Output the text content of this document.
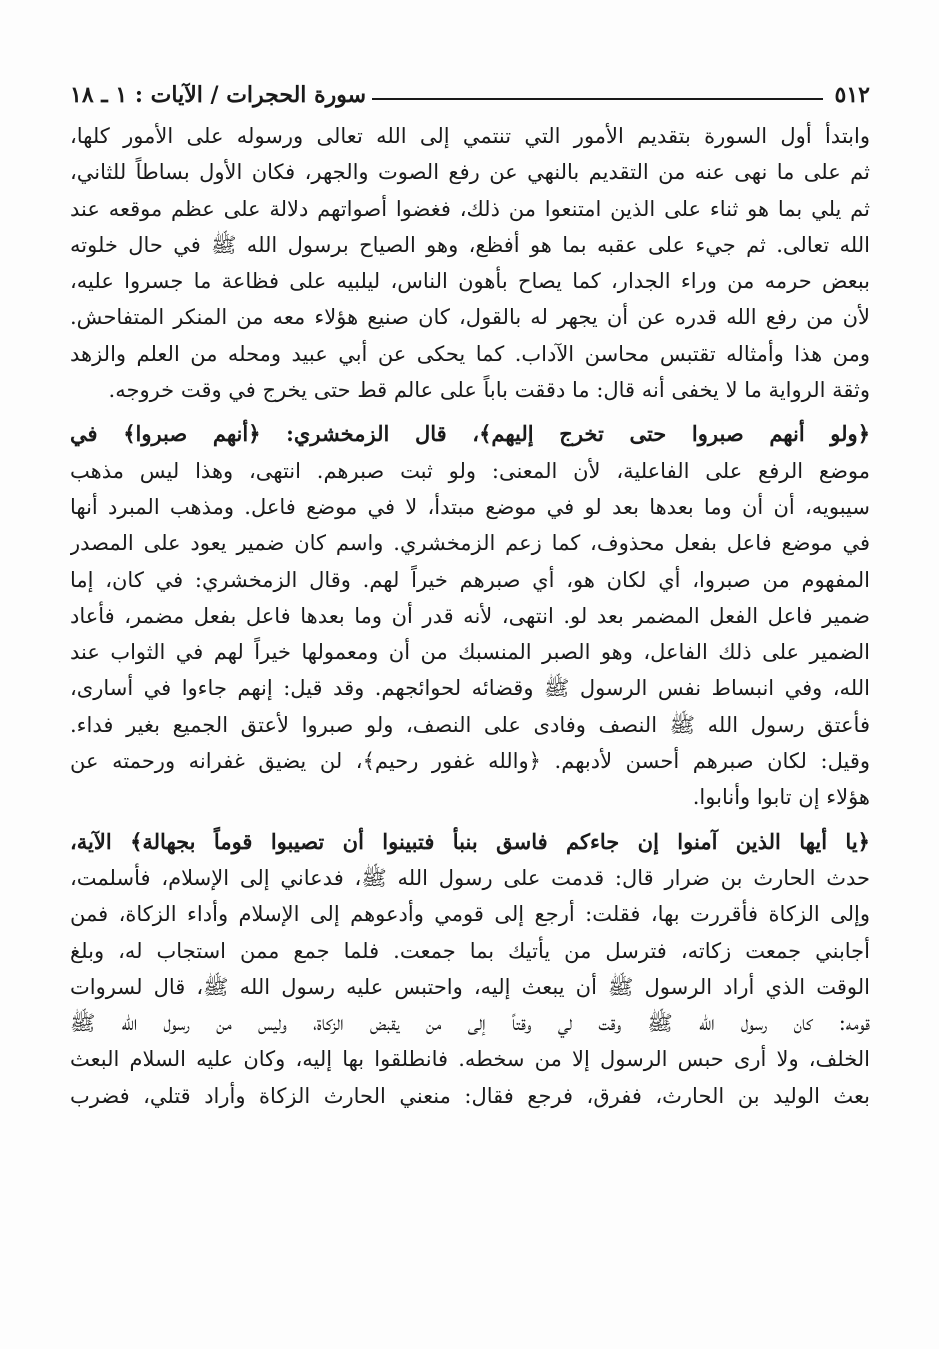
٥١٢
سورة الحجرات / الآيات : ١ ـ ١٨

وابتدأ أول السورة بتقديم الأمور التي تنتمي إلى الله تعالى ورسوله على الأمور كلها،
ثم على ما نهى عنه من التقديم بالنهي عن رفع الصوت والجهر، فكان الأول بساطاً للثاني،
ثم يلي بما هو ثناء على الذين امتنعوا من ذلك، فغضوا أصواتهم دلالة على عظم موقعه عند
الله تعالى. ثم جيء على عقبه بما هو أفظع، وهو الصياح برسول الله ﷺ في حال خلوته
ببعض حرمه من وراء الجدار، كما يصاح بأهون الناس، ليلبيه على فظاعة ما جسروا عليه،
لأن من رفع الله قدره عن أن يجهر له بالقول، كان صنيع هؤلاء معه من المنكر المتفاحش.
ومن هذا وأمثاله تقتبس محاسن الآداب. كما يحكى عن أبي عبيد ومحله من العلم والزهد
وثقة الرواية ما لا يخفى أنه قال: ما دققت باباً على عالم قط حتى يخرج في وقت خروجه.

﴿ولو أنهم صبروا حتى تخرج إليهم﴾، قال الزمخشري: ﴿أنهم صبروا﴾ في
موضع الرفع على الفاعلية، لأن المعنى: ولو ثبت صبرهم. انتهى، وهذا ليس مذهب
سيبويه، أن أن وما بعدها بعد لو في موضع مبتدأ، لا في موضع فاعل. ومذهب المبرد أنها
في موضع فاعل بفعل محذوف، كما زعم الزمخشري. واسم كان ضمير يعود على المصدر
المفهوم من صبروا، أي لكان هو، أي صبرهم خيراً لهم. وقال الزمخشري: في كان، إما
ضمير فاعل الفعل المضمر بعد لو. انتهى، لأنه قدر أن وما بعدها فاعل بفعل مضمر، فأعاد
الضمير على ذلك الفاعل، وهو الصبر المنسبك من أن ومعمولها خيراً لهم في الثواب عند
الله، وفي انبساط نفس الرسول ﷺ وقضائه لحوائجهم. وقد قيل: إنهم جاءوا في أسارى،
فأعتق رسول الله ﷺ النصف وفادى على النصف، ولو صبروا لأعتق الجميع بغير فداء.
وقيل: لكان صبرهم أحسن لأدبهم. ﴿والله غفور رحيم﴾، لن يضيق غفرانه ورحمته عن
هؤلاء إن تابوا وأنابوا.

﴿يا أيها الذين آمنوا إن جاءكم فاسق بنبأ فتبينوا أن تصيبوا قوماً بجهالة﴾ الآية،
حدث الحارث بن ضرار قال: قدمت على رسول الله ﷺ، فدعاني إلى الإسلام، فأسلمت،
وإلى الزكاة فأقررت بها، فقلت: أرجع إلى قومي وأدعوهم إلى الإسلام وأداء الزكاة، فمن
أجابني جمعت زكاته، فترسل من يأتيك بما جمعت. فلما جمع ممن استجاب له، وبلغ
الوقت الذي أراد الرسول ﷺ أن يبعث إليه، واحتبس عليه رسول الله ﷺ، قال لسروات
قومه: كان رسول الله ﷺ وقت لي وقتاً إلى من يقبض الزكاة، وليس من رسول الله ﷺ
الخلف، ولا أرى حبس الرسول إلا من سخطه. فانطلقوا بها إليه، وكان عليه السلام البعث
بعث الوليد بن الحارث، ففرق، فرجع فقال: منعني الحارث الزكاة وأراد قتلي، فضرب
